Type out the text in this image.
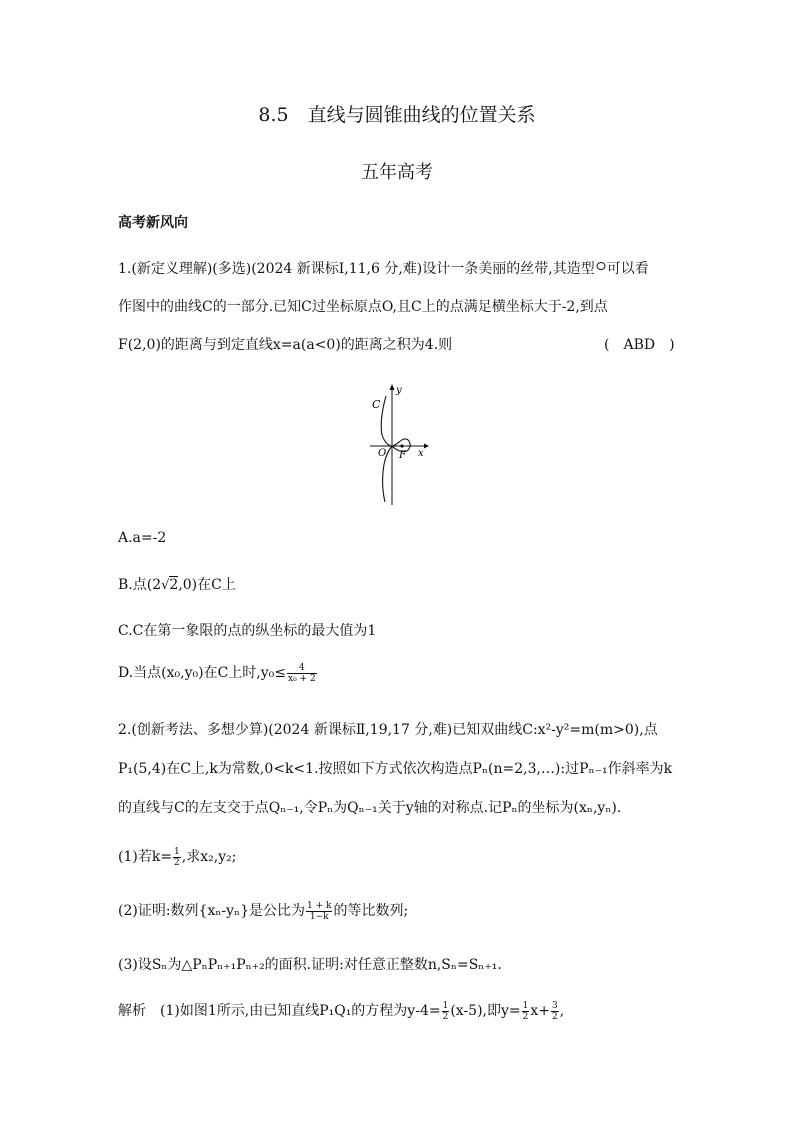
8.5　直线与圆锥曲线的位置关系
五年高考
高考新风向
1.(新定义理解)(多选)(2024 新课标Ⅰ,11,6 分,难)设计一条美丽的丝带,其造型 可以看
作图中的曲线C的一部分.已知C过坐标原点O,且C上的点满足横坐标大于-2,到点
F(2,0)的距离与到定直线x=a(a<0)的距离之积为4.则	(　ABD　)
C
y
O F x
A.a=-2
B.点(2√2,0)在C上
C.C在第一象限的点的纵坐标的最大值为1
D.当点(x₀,y₀)在C上时$,y_0\le \frac{4}{\text{x₀ + 2}}$
2.(创新考法、多想少算)(2024 新课标Ⅱ,19,17 分,难)已知双曲线C:x²-y²=m(m>0),点
P₁(5,4)在C上,k为常数,0<k<1.按照如下方式依次构造点Pₙ(n=2,3,…):过Pₙ₋₁作斜率为k
的直线与C的左支交于点Qₙ₋₁,令Pₙ为Qₙ₋₁关于y轴的对称点.记Pₙ的坐标为(xₙ,yₙ).
(1)若$k= \frac{1}{2}$ ,求x₂,y₂;
(2)证明:数列{xₙ-yₙ}是公比为 $\frac{1 + k}{1-k}$ 的等比数列;
(3)设Sₙ为△PₙPₙ₊₁Pₙ₊₂的面积.证明:对任意正整数n,Sₙ=Sₙ₊₁.
解析　(1)如图1所示,由已知直线P₁Q₁的方程为$y-4= \frac{1}{2} (x-5)$,即$y= \frac{1}{2} x+ \frac{3}{2}$ ,
